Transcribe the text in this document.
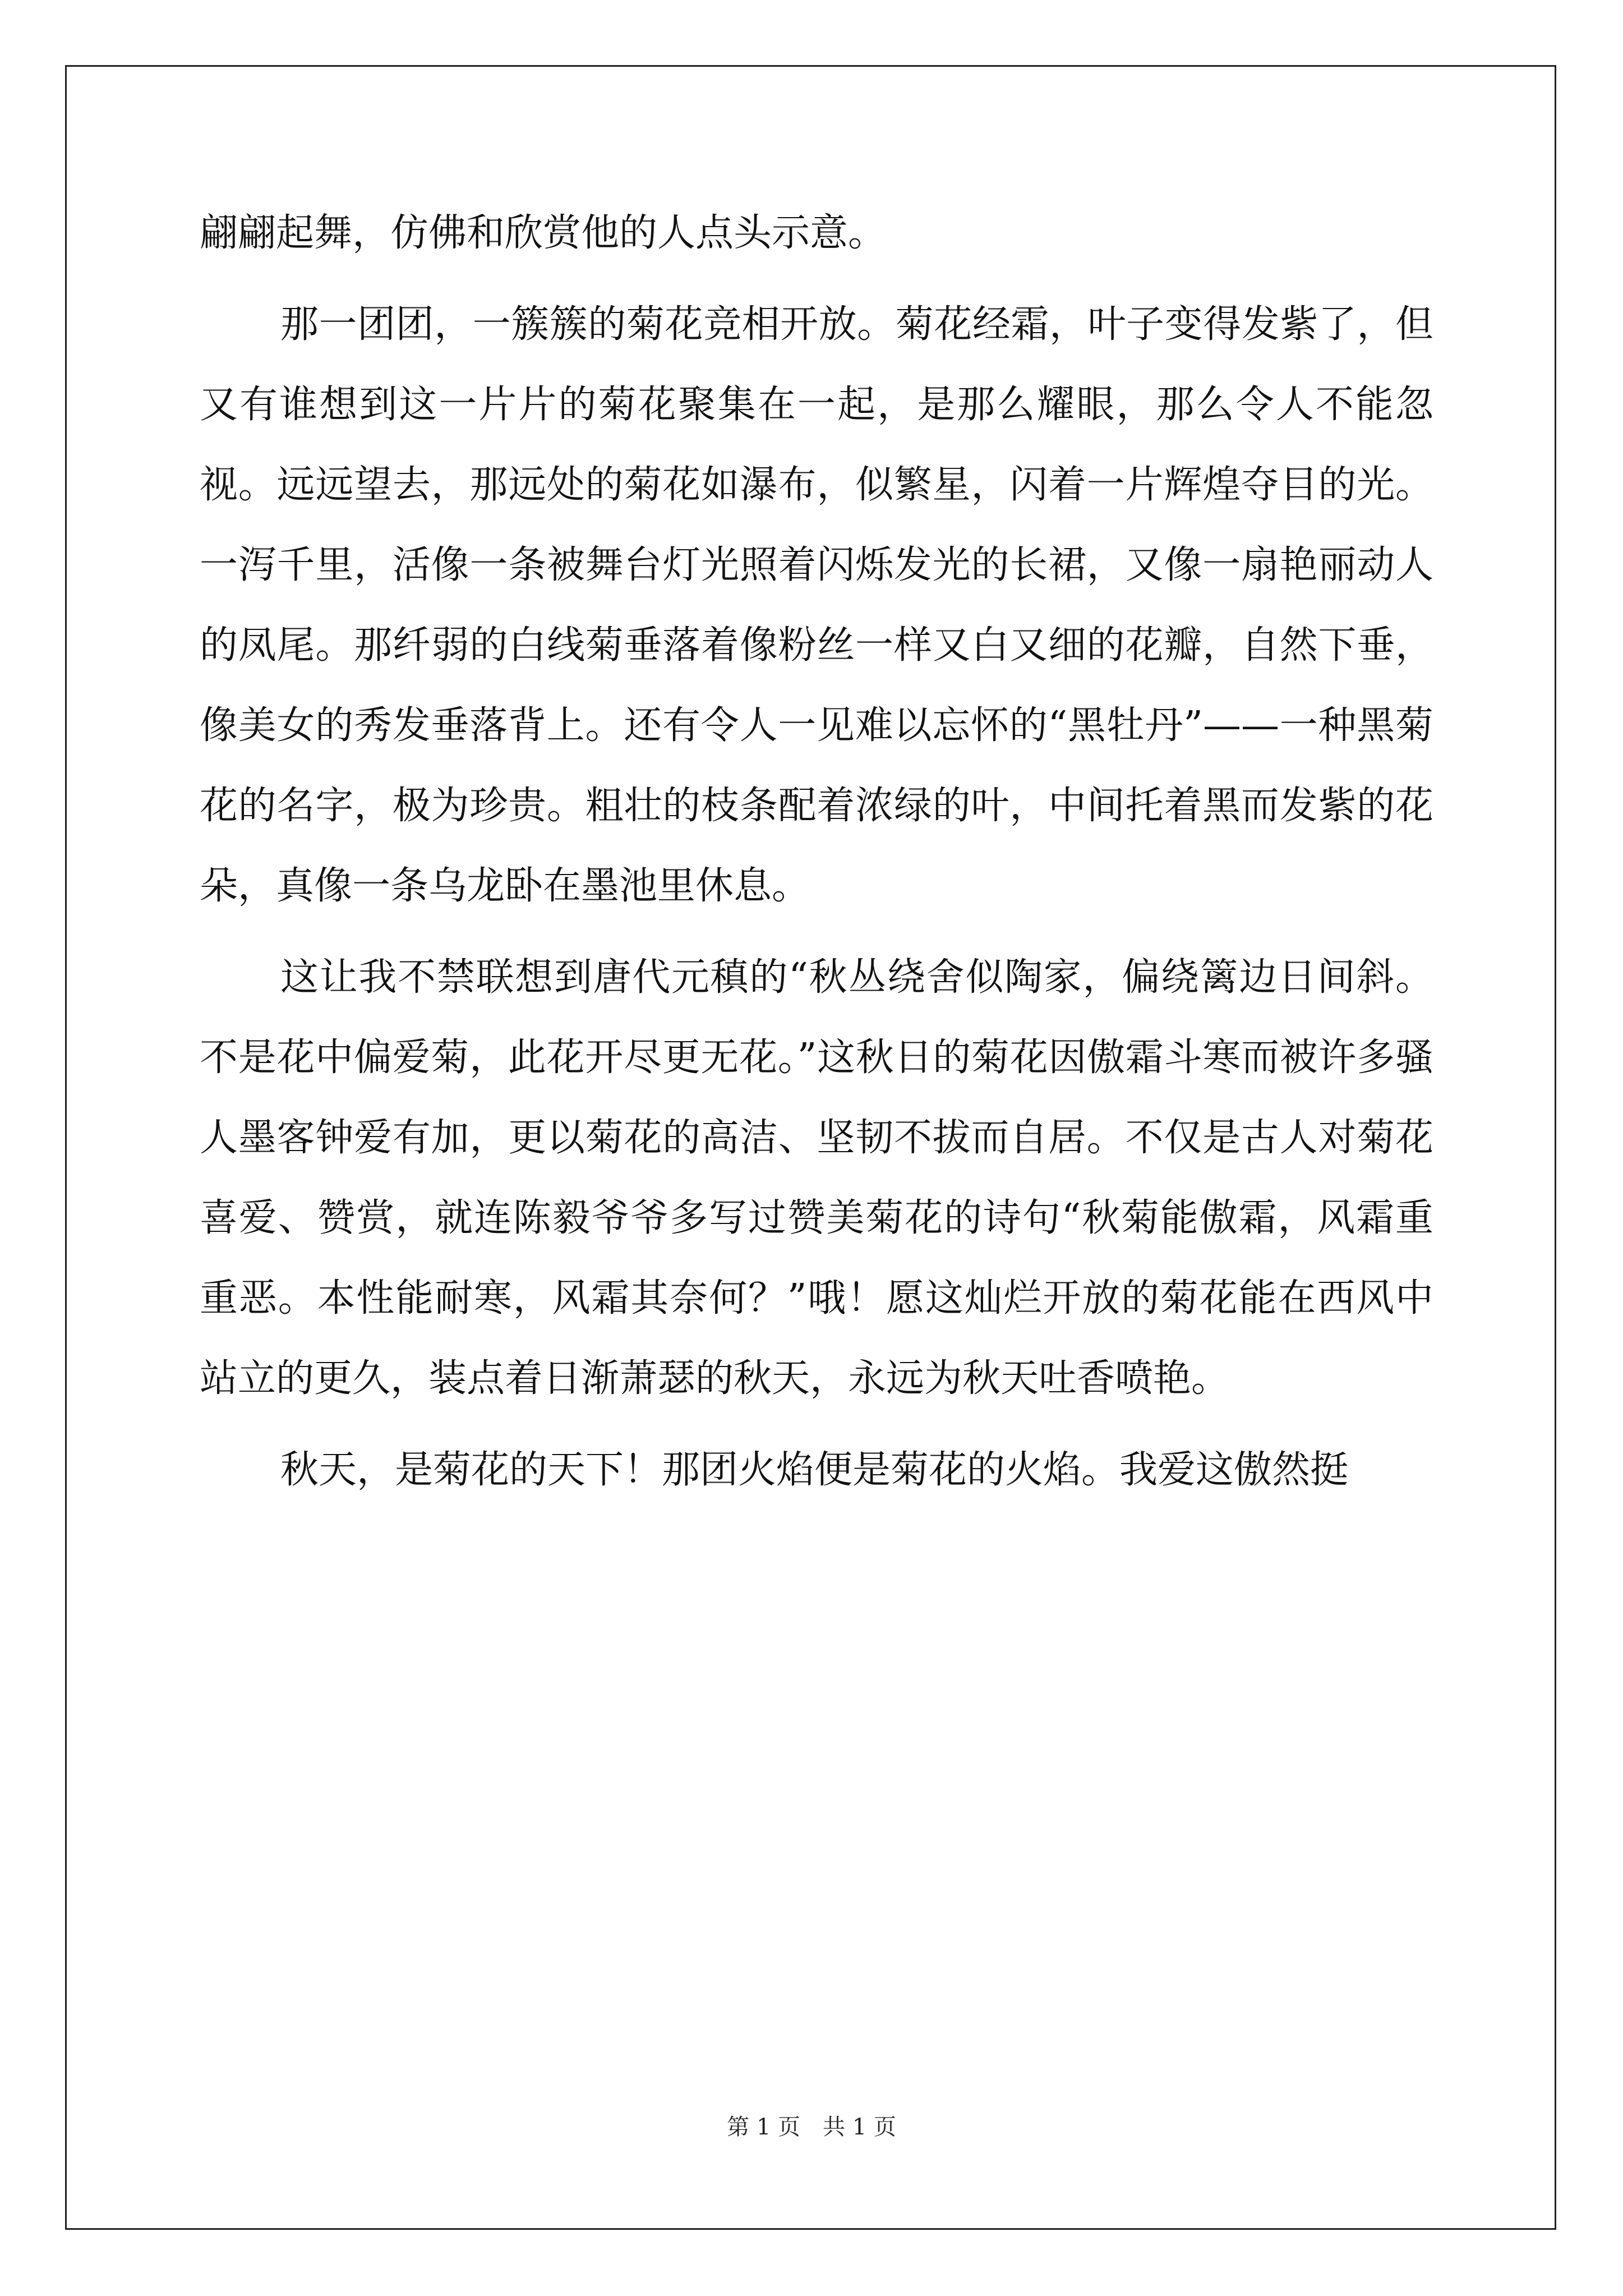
翩翩起舞，仿佛和欣赏他的人点头示意。

那一团团，一簇簇的菊花竞相开放。菊花经霜，叶子变得发紫了，但又有谁想到这一片片的菊花聚集在一起，是那么耀眼，那么令人不能忽视。远远望去，那远处的菊花如瀑布，似繁星，闪着一片辉煌夺目的光。一泻千里，活像一条被舞台灯光照着闪烁发光的长裙，又像一扇艳丽动人的凤尾。那纤弱的白线菊垂落着像粉丝一样又白又细的花瓣，自然下垂，像美女的秀发垂落背上。还有令人一见难以忘怀的“黑牡丹”——一种黑菊花的名字，极为珍贵。粗壮的枝条配着浓绿的叶，中间托着黑而发紫的花朵，真像一条乌龙卧在墨池里休息。

这让我不禁联想到唐代元稹的“秋丛绕舍似陶家，偏绕篱边日间斜。不是花中偏爱菊，此花开尽更无花。”这秋日的菊花因傲霜斗寒而被许多骚人墨客钟爱有加，更以菊花的高洁、坚韧不拔而自居。不仅是古人对菊花喜爱、赞赏，就连陈毅爷爷多写过赞美菊花的诗句“秋菊能傲霜，风霜重重恶。本性能耐寒，风霜其奈何？”哦！愿这灿烂开放的菊花能在西风中站立的更久，装点着日渐萧瑟的秋天，永远为秋天吐香喷艳。

秋天，是菊花的天下！那团火焰便是菊花的火焰。我爱这傲然挺

第 1 页　共 1 页
